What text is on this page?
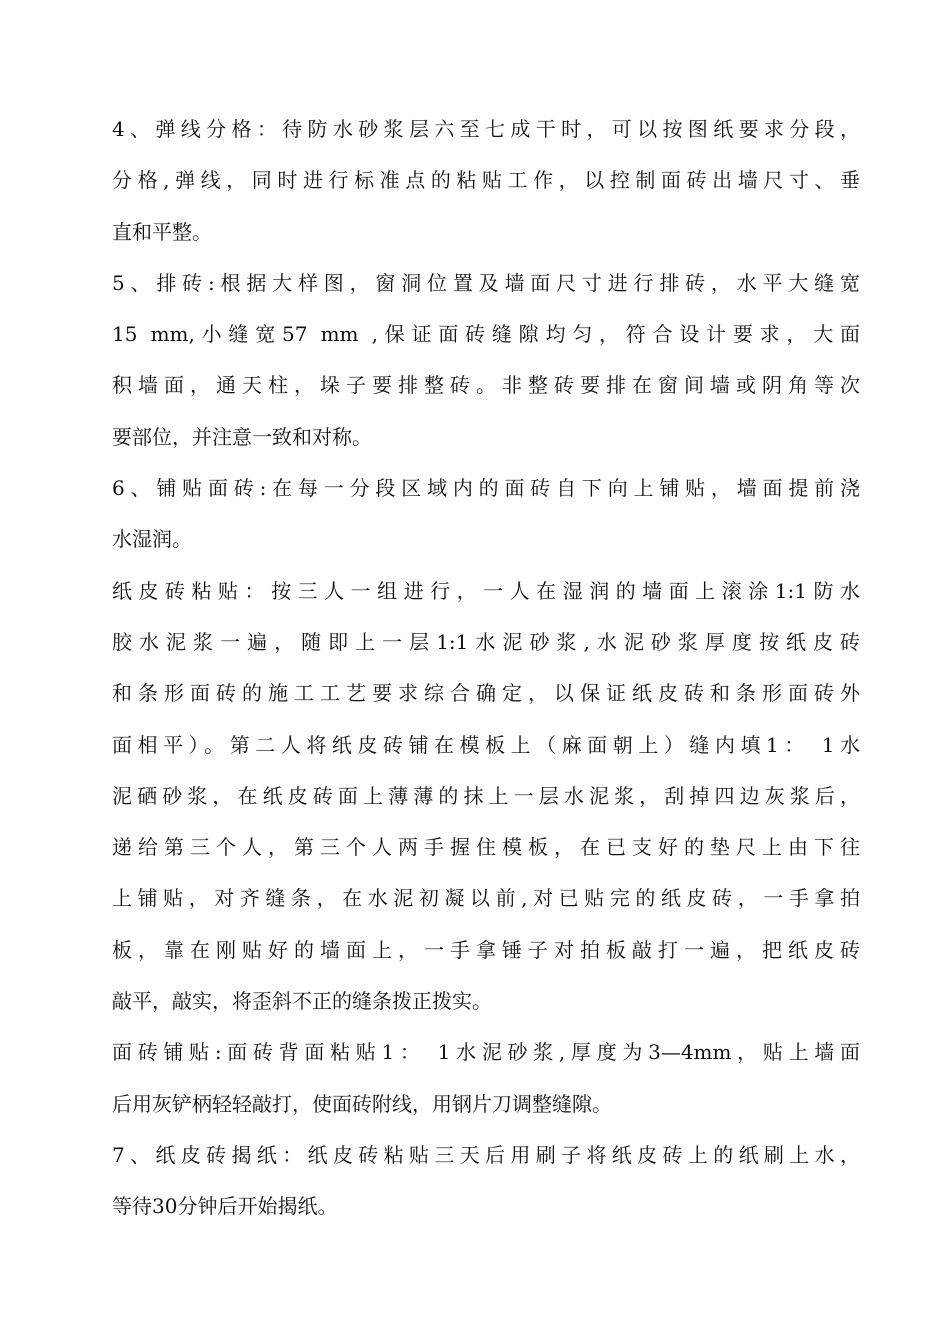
4、弹线分格：待防水砂浆层六至七成干时，可以按图纸要求分段，
分格,弹线，同时进行标准点的粘贴工作，以控制面砖出墙尺寸、垂
直和平整。
5、排砖:根据大样图，窗洞位置及墙面尺寸进行排砖，水平大缝宽
15 mm,小缝宽57 mm ,保证面砖缝隙均匀，符合设计要求，大面
积墙面，通天柱，垛子要排整砖。非整砖要排在窗间墙或阴角等次
要部位，并注意一致和对称。
6、铺贴面砖:在每一分段区域内的面砖自下向上铺贴，墙面提前浇
水湿润。
纸皮砖粘贴：按三人一组进行，一人在湿润的墙面上滚涂1:1防水
胶水泥浆一遍，随即上一层1:1水泥砂浆,水泥砂浆厚度按纸皮砖
和条形面砖的施工工艺要求综合确定，以保证纸皮砖和条形面砖外
面相平）。第二人将纸皮砖铺在模板上（麻面朝上）缝内填1： 1水
泥硒砂浆，在纸皮砖面上薄薄的抹上一层水泥浆，刮掉四边灰浆后，
递给第三个人，第三个人两手握住模板，在已支好的垫尺上由下往
上铺贴，对齐缝条，在水泥初凝以前,对已贴完的纸皮砖，一手拿拍
板，靠在刚贴好的墙面上，一手拿锤子对拍板敲打一遍，把纸皮砖
敲平，敲实，将歪斜不正的缝条拨正拨实。
面砖铺贴:面砖背面粘贴1： 1水泥砂浆,厚度为3—4mm，贴上墙面
后用灰铲柄轻轻敲打，使面砖附线，用钢片刀调整缝隙。
7、纸皮砖揭纸：纸皮砖粘贴三天后用刷子将纸皮砖上的纸刷上水，
等待30分钟后开始揭纸。
